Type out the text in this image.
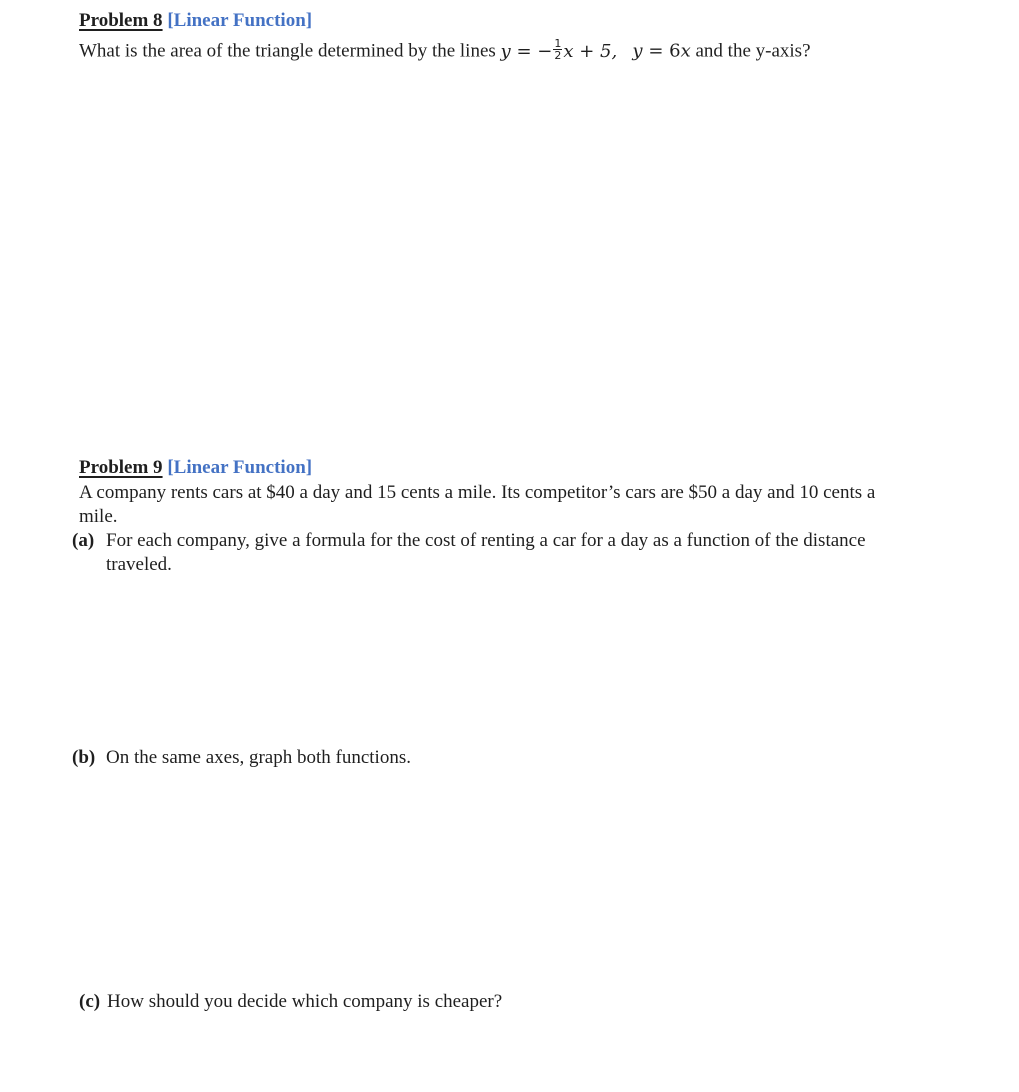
Problem 8 [Linear Function]
What is the area of the triangle determined by the lines y = − $\frac{1}{2}$ x + 5, y = 6x and the y-axis?
Problem 9 [Linear Function]
A company rents cars at $40 a day and 15 cents a mile. Its competitor’s cars are $50 a day and 10 cents a
mile.
(a) For each company, give a formula for the cost of renting a car for a day as a function of the distance
traveled.
(b) On the same axes, graph both functions.
(c) How should you decide which company is cheaper?
